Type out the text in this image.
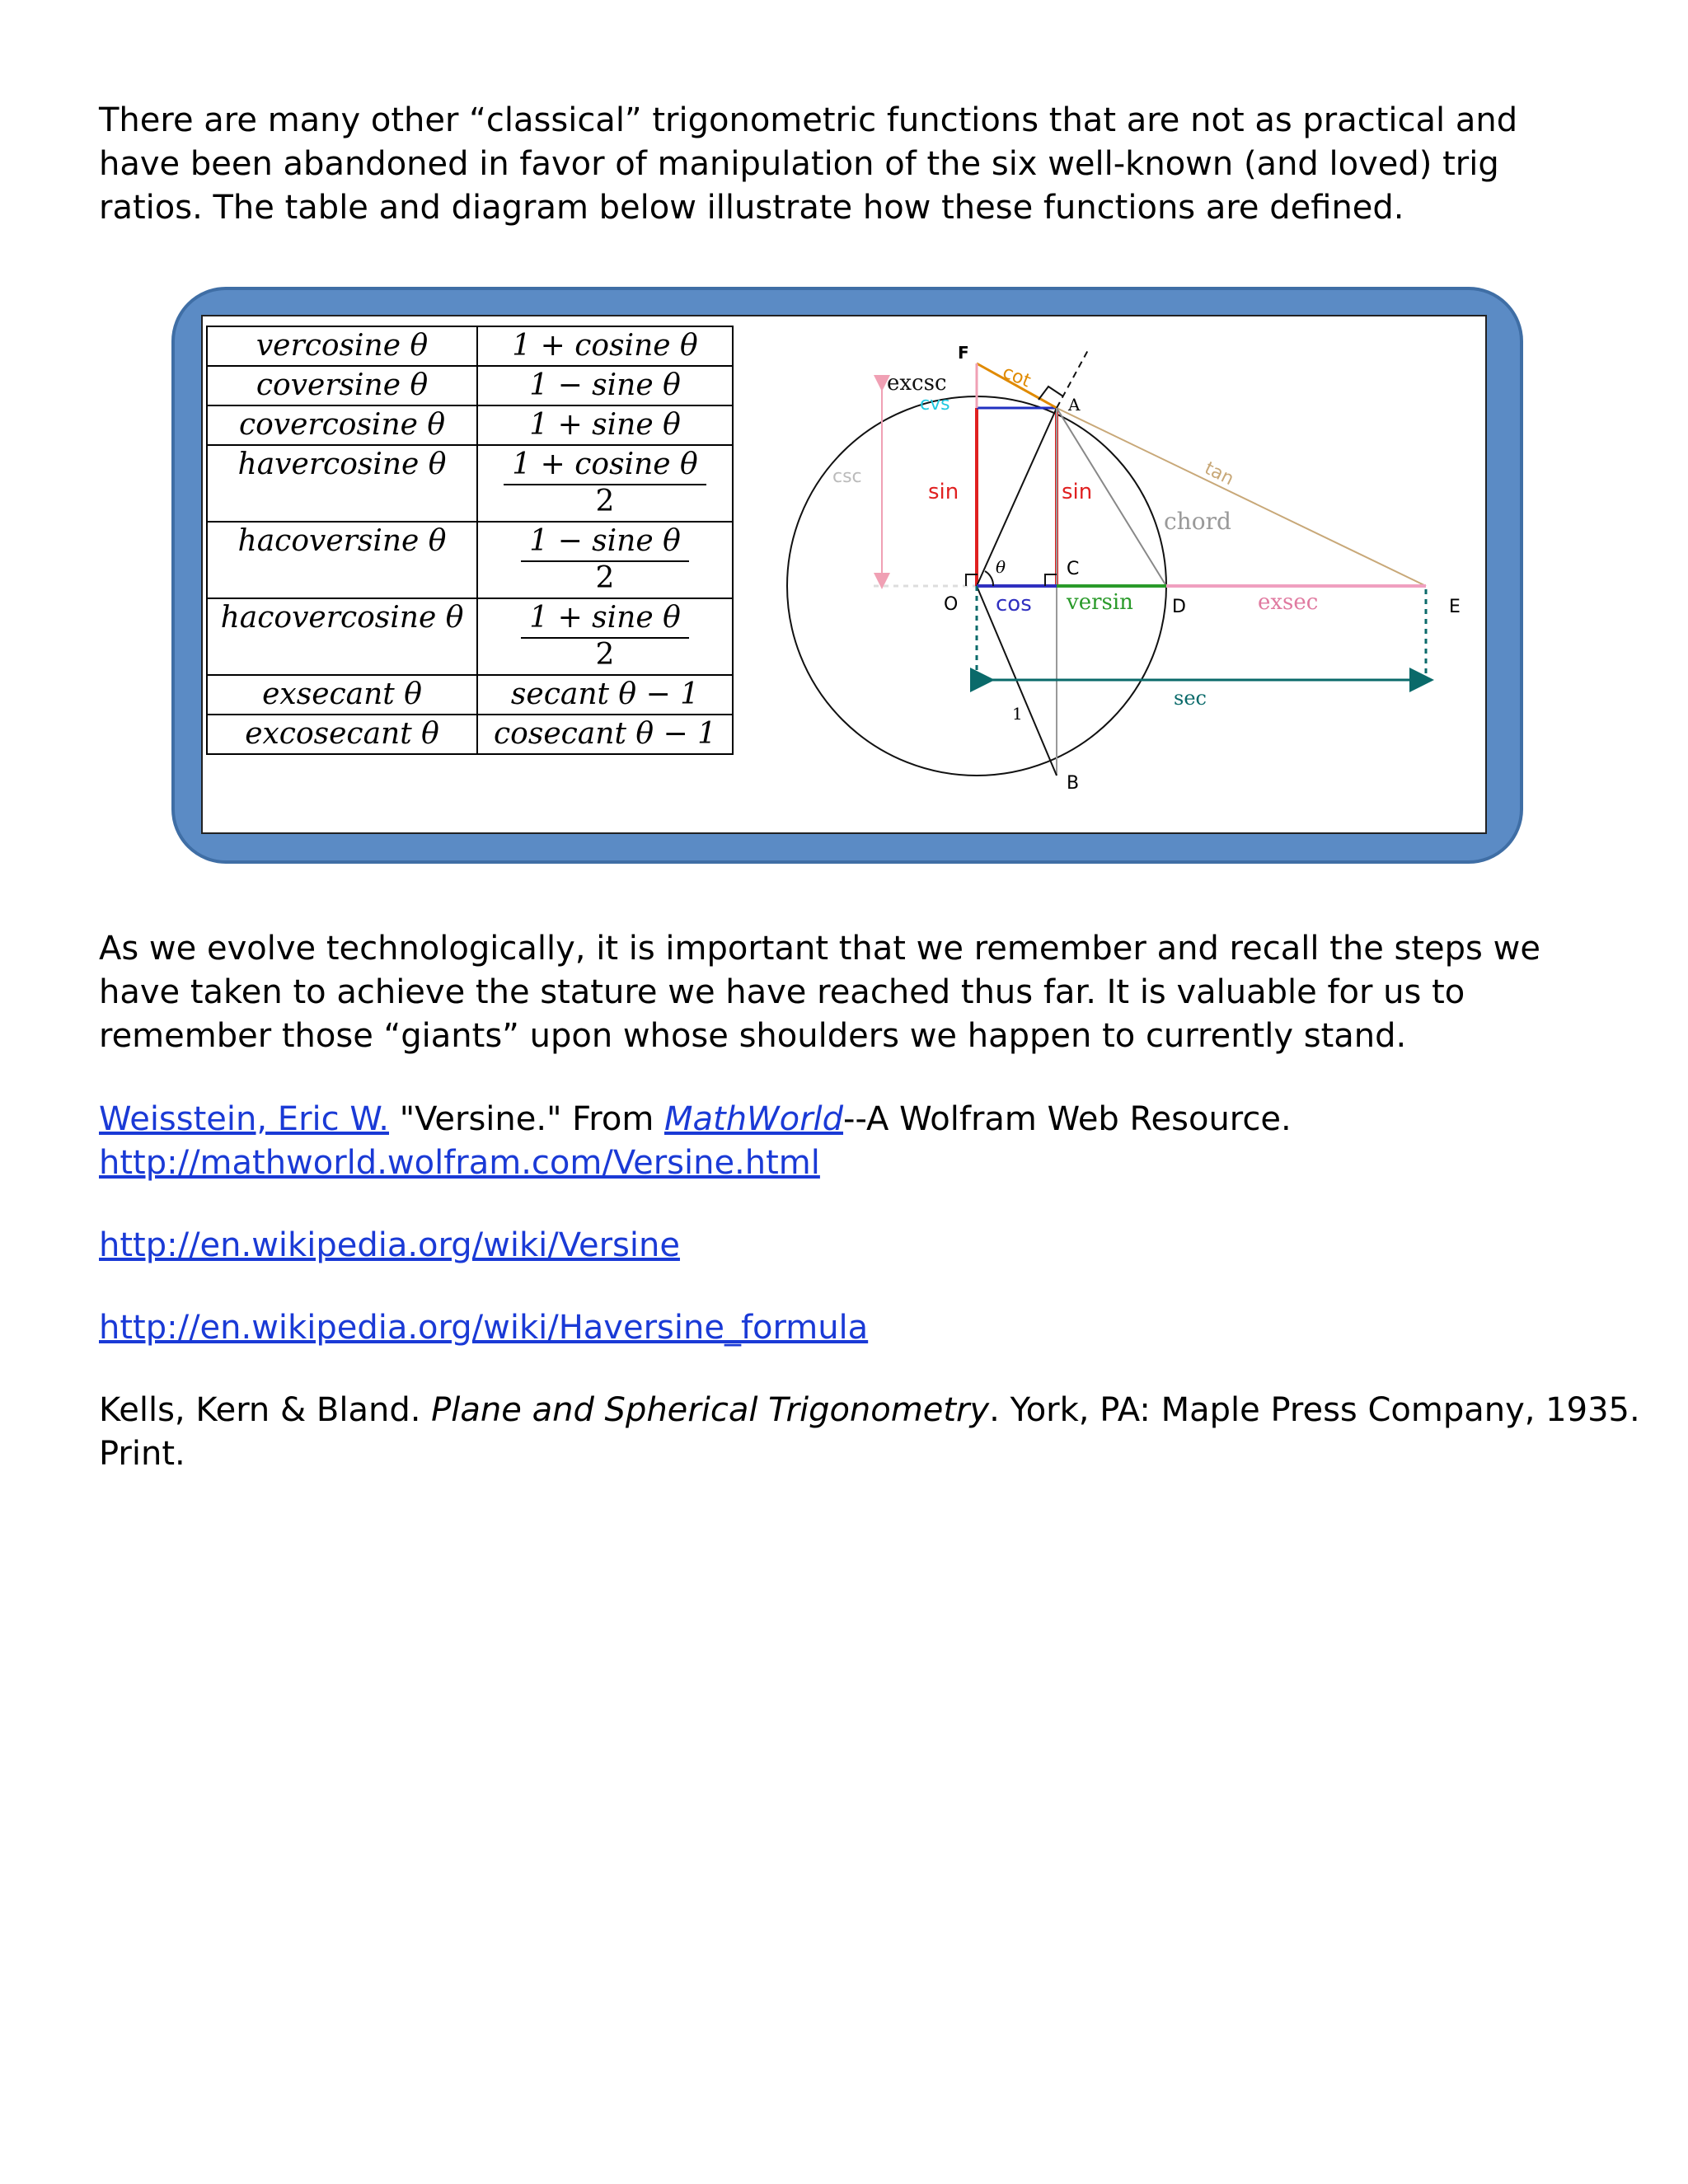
There are many other “classical” trigonometric functions that are not as practical and have been abandoned in favor of manipulation of the six well-known (and loved) trig ratios. The table and diagram below illustrate how these functions are defined.

vercosine θ	1 + cosine θ
coversine θ	1 − sine θ
covercosine θ	1 + sine θ
havercosine θ	$\frac{\text{1 + cosine θ}}{2}$

hacoversine θ	$\frac{\text{1 − sine θ}}{2}$

hacovercosine θ	$\frac{\text{1 + sine θ}}{2}$

exsecant θ	secant θ − 1
excosecant θ	cosecant θ − 1
F
cot
A
excsc
cvs
csc
sin	sin
tan
chord
θ	C
O cos versin D	exsec	E
sec
1
B

As we evolve technologically, it is important that we remember and recall the steps we have taken to achieve the stature we have reached thus far. It is valuable for us to remember those “giants” upon whose shoulders we happen to currently stand.

Weisstein, Eric W. "Versine." From MathWorld--A Wolfram Web Resource.

http://mathworld.wolfram.com/Versine.html

http://en.wikipedia.org/wiki/Versine

http://en.wikipedia.org/wiki/Haversine_formula

Kells, Kern & Bland. Plane and Spherical Trigonometry. York, PA: Maple Press Company, 1935. Print.
